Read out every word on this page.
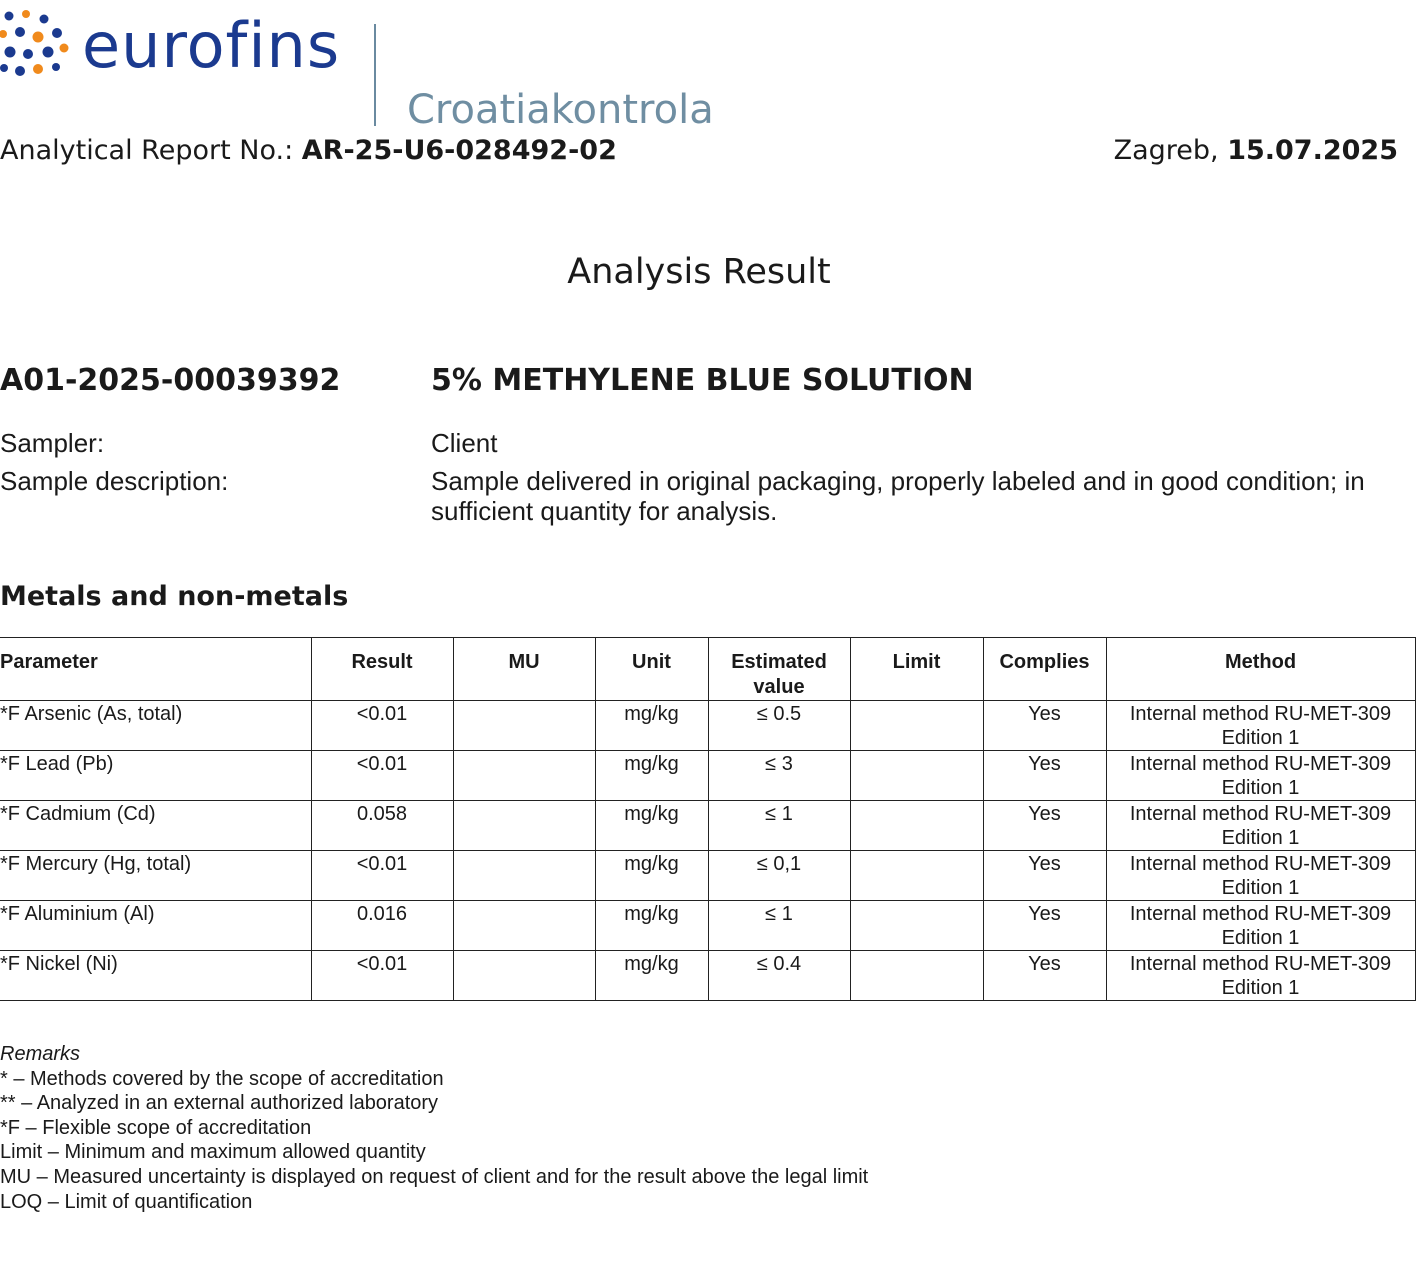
eurofins
Croatiakontrola
Analytical Report No.: AR-25-U6-028492-02	Zagreb, 15.07.2025
Analysis Result
A01-2025-00039392	5% METHYLENE BLUE SOLUTION
Sampler:	Client
Sample description:	Sample delivered in original packaging, properly labeled and in good condition; in sufficient quantity for analysis.
Metals and non-metals
Parameter	Result	MU	Unit	Estimated
value	Limit	Complies	Method
*F Arsenic (As, total)	<0.01		mg/kg	≤ 0.5		Yes	Internal method RU-MET-309
Edition 1
*F Lead (Pb)	<0.01		mg/kg	≤ 3		Yes	Internal method RU-MET-309
Edition 1
*F Cadmium (Cd)	0.058		mg/kg	≤ 1		Yes	Internal method RU-MET-309
Edition 1
*F Mercury (Hg, total)	<0.01		mg/kg	≤ 0,1		Yes	Internal method RU-MET-309
Edition 1
*F Aluminium (Al)	0.016		mg/kg	≤ 1		Yes	Internal method RU-MET-309
Edition 1
*F Nickel (Ni)	<0.01		mg/kg	≤ 0.4		Yes	Internal method RU-MET-309
Edition 1
Remarks
* – Methods covered by the scope of accreditation
** – Analyzed in an external authorized laboratory
*F – Flexible scope of accreditation
Limit – Minimum and maximum allowed quantity
MU – Measured uncertainty is displayed on request of client and for the result above the legal limit
LOQ – Limit of quantification
